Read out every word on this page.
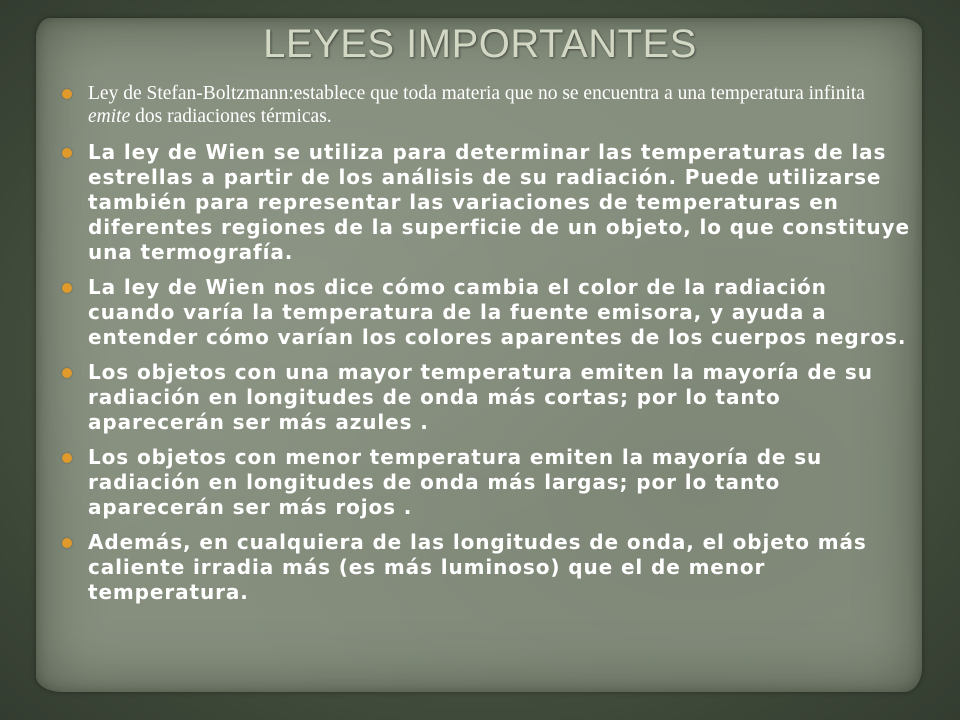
LEYES IMPORTANTES
Ley de Stefan-Boltzmann:establece que toda materia que no se encuentra a una temperatura infinita emite dos radiaciones térmicas.
La ley de Wien se utiliza para determinar las temperaturas de las estrellas a partir de los análisis de su radiación. Puede utilizarse también para representar las variaciones de temperaturas en diferentes regiones de la superficie de un objeto, lo que constituye una termografía.
La ley de Wien nos dice cómo cambia el color de la radiación cuando varía la temperatura de la fuente emisora, y ayuda a entender cómo varían los colores aparentes de los cuerpos negros.
Los objetos con una mayor temperatura emiten la mayoría de su radiación en longitudes de onda más cortas; por lo tanto aparecerán ser más azules .
Los objetos con menor temperatura emiten la mayoría de su radiación en longitudes de onda más largas; por lo tanto aparecerán ser más rojos .
Además, en cualquiera de las longitudes de onda, el objeto más caliente irradia más (es más luminoso) que el de menor temperatura.
